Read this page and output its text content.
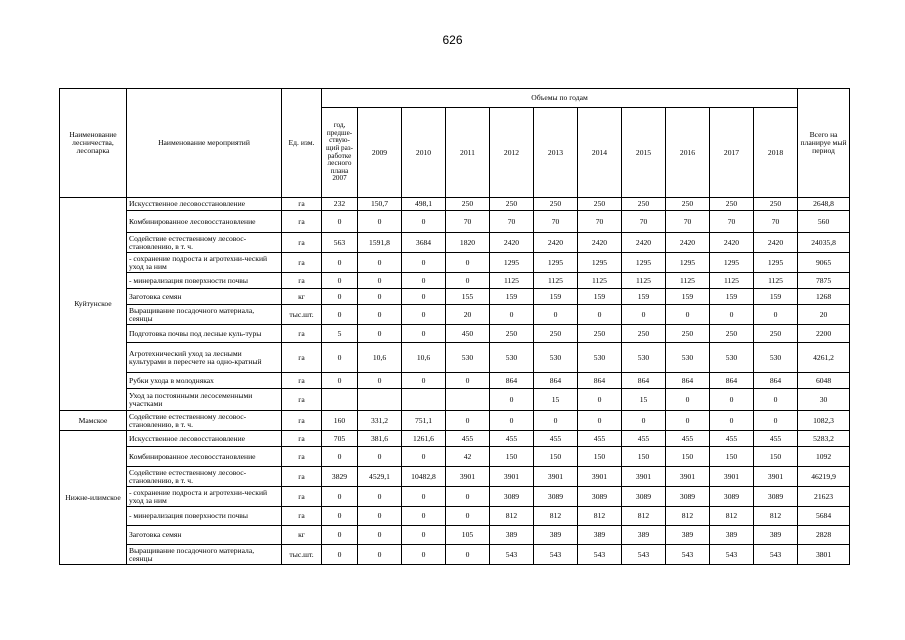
626
Наименование лесничества, лесопарка	Наименование мероприятий	Ед. изм.	Объемы по годам											Всего на планируе мый период
			год, предше-ствую-щий раз-работке лесного плана 2007	2009	2010	2011	2012	2013	2014	2015	2016	2017	2018	
Куйтунское	Искусственное лесовосстановление	га	232	150,7	498,1	250	250	250	250	250	250	250	250	2648,8
	Комбинированное лесовосстановление	га	0	0	0	70	70	70	70	70	70	70	70	560
	Содействие естественному лесовос-становлению, в т. ч.	га	563	1591,8	3684	1820	2420	2420	2420	2420	2420	2420	2420	24035,8
	- сохранение подроста и агротехни-ческий уход за ним	га	0	0	0	0	1295	1295	1295	1295	1295	1295	1295	9065
	- минерализация поверхности почвы	га	0	0	0	0	1125	1125	1125	1125	1125	1125	1125	7875
	Заготовка семян	кг	0	0	0	155	159	159	159	159	159	159	159	1268
	Выращивание посадочного материала, сеянцы	тыс.шт.	0	0	0	20	0	0	0	0	0	0	0	20
	Подготовка почвы под лесные куль-туры	га	5	0	0	450	250	250	250	250	250	250	250	2200
	Агротехнический уход за лесными культурами в пересчете на одно-кратный	га	0	10,6	10,6	530	530	530	530	530	530	530	530	4261,2
	Рубки ухода в молодняках	га	0	0	0	0	864	864	864	864	864	864	864	6048
	Уход за постоянными лесосеменными участками	га					0	15	0	15	0	0	0	30
Мамское	Содействие естественному лесовос-становлению, в т. ч.	га	160	331,2	751,1	0	0	0	0	0	0	0	0	1082,3
Нижне-илимское	Искусственное лесовосстановление	га	705	381,6	1261,6	455	455	455	455	455	455	455	455	5283,2
	Комбинированное лесовосстановление	га	0	0	0	42	150	150	150	150	150	150	150	1092
	Содействие естественному лесовос-становлению, в т. ч.	га	3829	4529,1	10482,8	3901	3901	3901	3901	3901	3901	3901	3901	46219,9
	- сохранение подроста и агротехни-ческий уход за ним	га	0	0	0	0	3089	3089	3089	3089	3089	3089	3089	21623
	- минерализация поверхности почвы	га	0	0	0	0	812	812	812	812	812	812	812	5684
	Заготовка семян	кг	0	0	0	105	389	389	389	389	389	389	389	2828
	Выращивание посадочного материала, сеянцы	тыс.шт.	0	0	0	0	543	543	543	543	543	543	543	3801
